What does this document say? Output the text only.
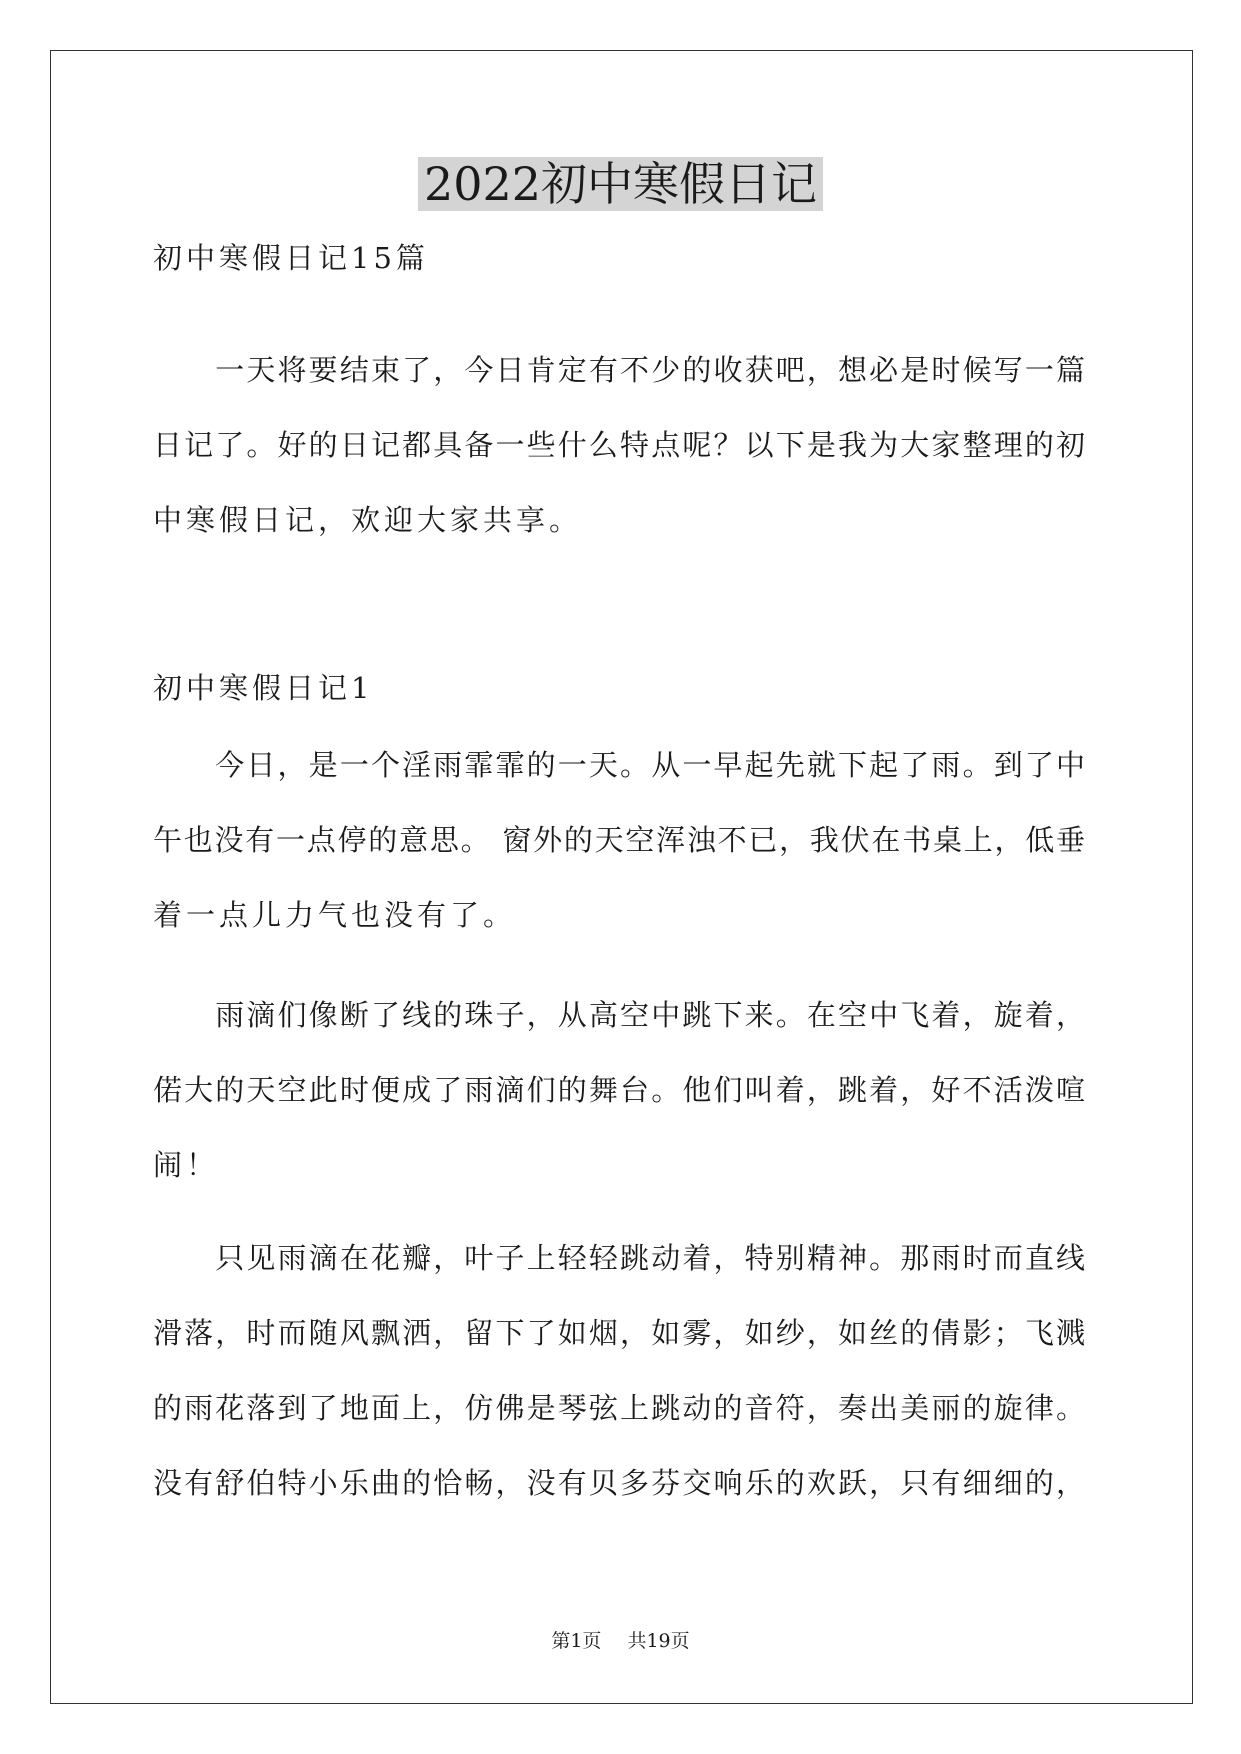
2022初中寒假日记
初中寒假日记15篇
　　一天将要结束了，今日肯定有不少的收获吧，想必是时候写一篇
日记了。好的日记都具备一些什么特点呢？以下是我为大家整理的初
中寒假日记，欢迎大家共享。
初中寒假日记1
　　今日，是一个淫雨霏霏的一天。从一早起先就下起了雨。到了中
午也没有一点停的意思。 窗外的天空浑浊不已，我伏在书桌上，低垂
着一点儿力气也没有了。
　　雨滴们像断了线的珠子，从高空中跳下来。在空中飞着，旋着，
偌大的天空此时便成了雨滴们的舞台。他们叫着，跳着，好不活泼喧
闹！
　　只见雨滴在花瓣，叶子上轻轻跳动着，特别精神。那雨时而直线
滑落，时而随风飘洒，留下了如烟，如雾，如纱，如丝的倩影；飞溅
的雨花落到了地面上，仿佛是琴弦上跳动的音符，奏出美丽的旋律。
没有舒伯特小乐曲的恰畅，没有贝多芬交响乐的欢跃，只有细细的，
第1页 共19页
